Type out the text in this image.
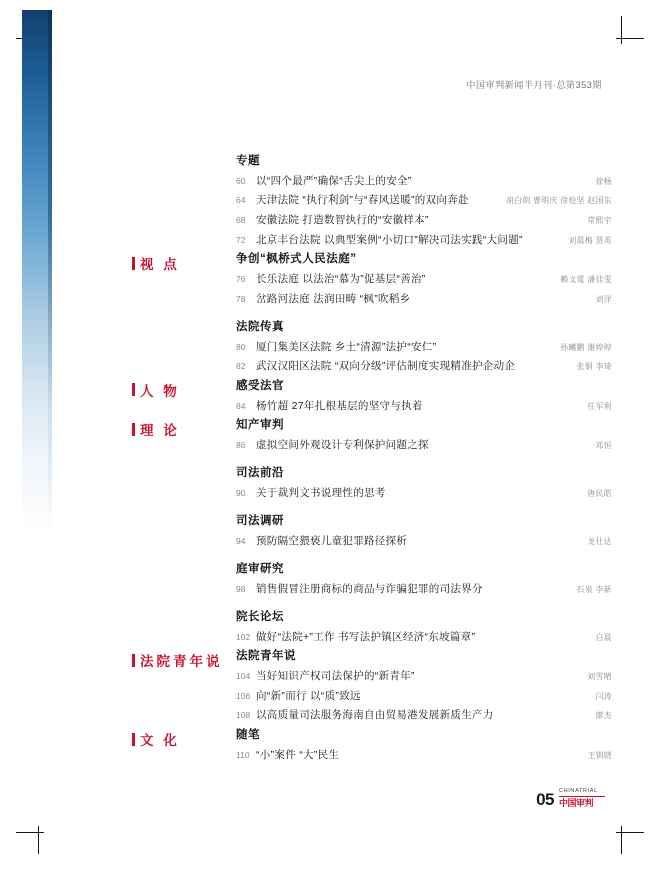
中国审判新闻半月刊·总第353期
专题
60	以“四个最严”确保“舌尖上的安全”	徐畅
64	天津法院 “执行利剑”与“春风送暖”的双向奔赴	胡白朗 曹明庆 徐桧坚 赵国东
68	安徽法院 打造数智执行的“安徽样本”	常熙宇
72	北京丰台法院 以典型案例“小切口”解决司法实践“大问题”	刘晨梅 贾英
视 点	争创“枫桥式人民法庭”
76	长乐法庭 以法治“慕为”促基层“善治”	赖文霆 潘佳雯
78	岔路河法庭 法润田畴 “枫”吹稻乡	刘洋
法院传真
80	厦门集美区法院 乡土“清源”法护“安仁”	孙曦鹏 谢婷婷
82	武汉汉阳区法院 “双向分级”评估制度实现精准护企动企	张娟 李琦
人 物	感受法官
84	杨竹超 27年扎根基层的坚守与执着	任军利
理 论	知产审判
86	虚拟空间外观设计专利保护问题之探	邓恒
司法前沿
90	关于裁判文书说理性的思考	唐民皓
司法调研
94	预防隔空猥亵儿童犯罪路径探析	龙仕达
庭审研究
98	销售假冒注册商标的商品与诈骗犯罪的司法界分	石泉 李新
院长论坛
102 做好“法院+”工作 书写法护镇区经济“东坡篇章”	白晨
法院青年说 法院青年说
104 当好知识产权司法保护的“新青年”	刘雪晴
106 向“新”而行 以“质”致远	闫涛
108 以高质量司法服务海南自由贸易港发展新质生产力	廖杰
文 化	随笔
110 “小”案件 “大”民生	王钏晓
05 CHINATRIAL
中国审判
